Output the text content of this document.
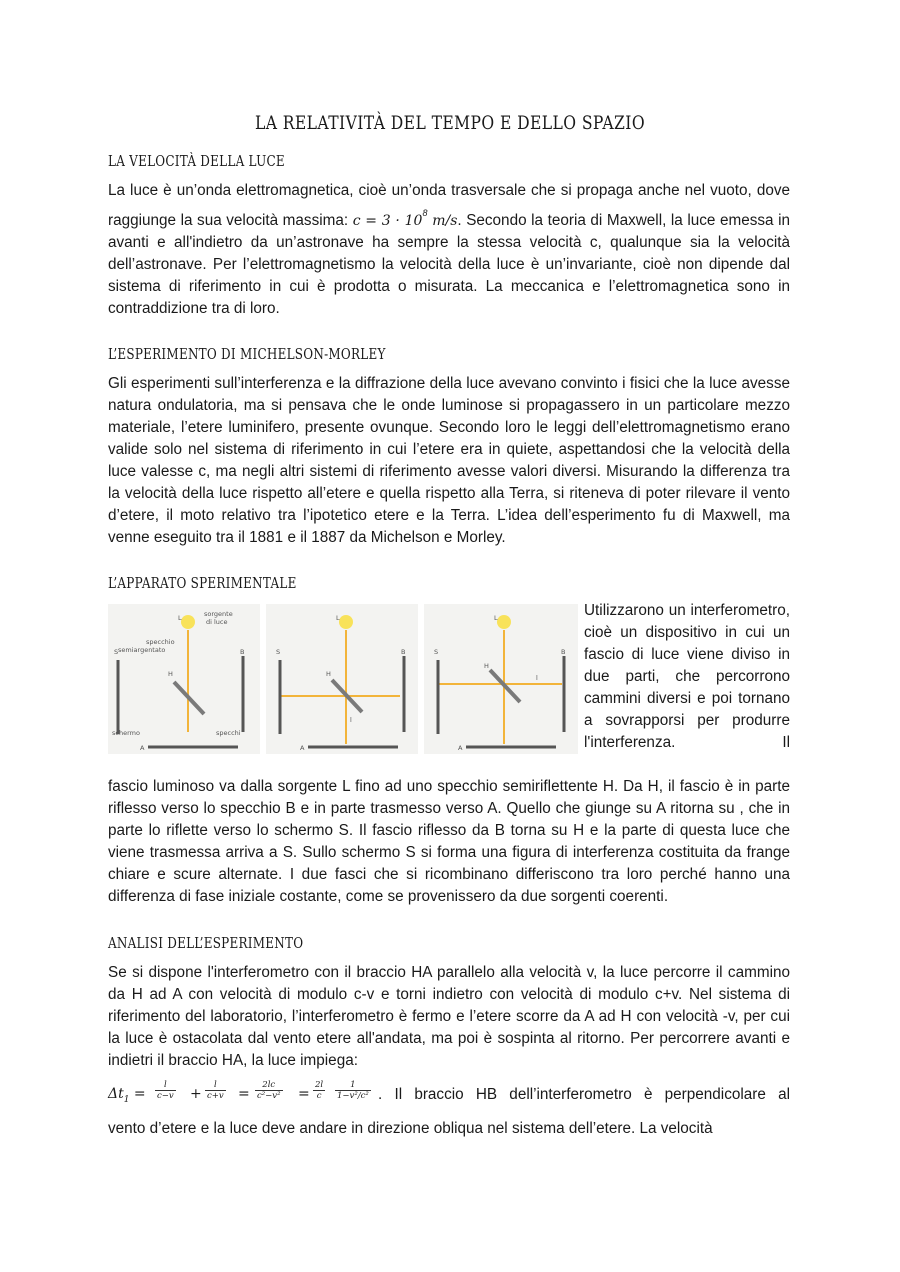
LA RELATIVITÀ DEL TEMPO E DELLO SPAZIO
LA VELOCITÀ DELLA LUCE

La luce è un’onda elettromagnetica, cioè un’onda trasversale che si propaga anche nel vuoto, dove raggiunge la sua velocità massima: $c = 3 \cdot 10^8$ m/s. Secondo la teoria di Maxwell, la luce emessa in avanti e all'indietro da un’astronave ha sempre la stessa velocità c, qualunque sia la velocità dell’astronave. Per l’elettromagnetismo la velocità della luce è un’invariante, cioè non dipende dal sistema di riferimento in cui è prodotta o misurata. La meccanica e l’elettromagnetica sono in contraddizione tra di loro.

L’ESPERIMENTO DI MICHELSON-MORLEY

Gli esperimenti sull’interferenza e la diffrazione della luce avevano convinto i fisici che la luce avesse natura ondulatoria, ma si pensava che le onde luminose si propagassero in un particolare mezzo materiale, l’etere luminifero, presente ovunque. Secondo loro le leggi dell’elettromagnetismo erano valide solo nel sistema di riferimento in cui l’etere era in quiete, aspettandosi che la velocità della luce valesse c, ma negli altri sistemi di riferimento avesse valori diversi. Misurando la differenza tra la velocità della luce rispetto all’etere e quella rispetto alla Terra, si riteneva di poter rilevare il vento d’etere, il moto relativo tra l’ipotetico etere e la Terra. L’idea dell’esperimento fu di Maxwell, ma venne eseguito tra il 1881 e il 1887 da Michelson e Morley.

L’APPARATO SPERIMENTALE
sorgente
di luce
specchio
semiargentato
schermo	specchi
L
S	B
H
A
L
S	B
H
l
A
L
S	B
H
l
A

Utilizzarono un interferometro, cioè un dispositivo in cui un fascio di luce viene diviso in due parti, che percorrono cammini diversi e poi tornano a sovrapporsi per produrre l'interferenza. Il

fascio luminoso va dalla sorgente L fino ad uno specchio semiriflettente H. Da H, il fascio è in parte riflesso verso lo specchio B e in parte trasmesso verso A. Quello che giunge su A ritorna su , che in parte lo riflette verso lo schermo S. Il fascio riflesso da B torna su H e la parte di questa luce che viene trasmessa arriva a S. Sullo schermo S si forma una figura di interferenza costituita da frange chiare e scure alternate. I due fasci che si ricombinano differiscono tra loro perché hanno una differenza di fase iniziale costante, come se provenissero da due sorgenti coerenti.

ANALISI DELL’ESPERIMENTO

Se si dispone l'interferometro con il braccio HA parallelo alla velocità v, la luce percorre il cammino da H ad A con velocità di modulo c-v e torni indietro con velocità di modulo c+v. Nel sistema di riferimento del laboratorio, l’interferometro è fermo e l’etere scorre da A ad H con velocità -v, per cui la luce è ostacolata dal vento etere all'andata, ma poi è sospinta al ritorno. Per percorrere avanti e indietri il braccio HA, la luce impiega:

$\Delta t_1 = \frac{l}{c-v} + \frac{l}{c+v} = \frac{2lc}{\text{c²−v²}} = \frac{2l}{c} \frac{1}{\text{1−v²/c²}}$ . Il braccio HB dell’interferometro è perpendicolare al

vento d’etere e la luce deve andare in direzione obliqua nel sistema dell’etere. La velocità
